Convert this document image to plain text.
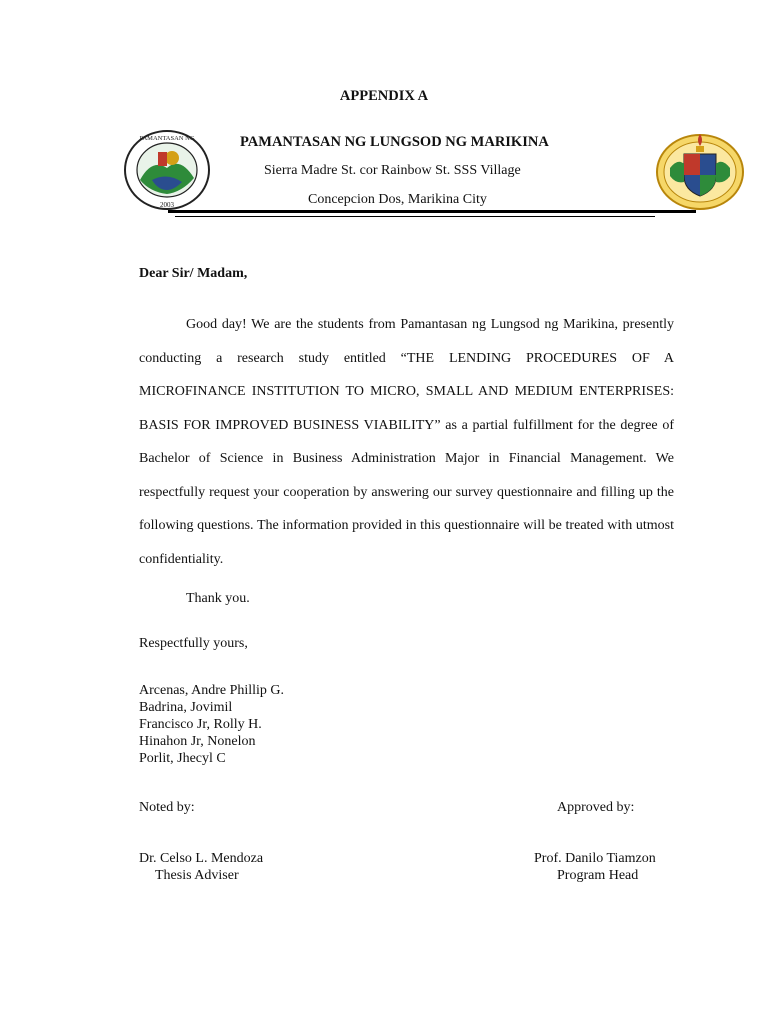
PAMANTASAN NG
2003
APPENDIX A
PAMANTASAN NG LUNGSOD NG MARIKINA
Sierra Madre St. cor Rainbow St. SSS Village
Concepcion Dos, Marikina City
Dear Sir/ Madam,
Good day! We are the students from Pamantasan ng Lungsod ng Marikina, presently conducting a research study entitled “THE LENDING PROCEDURES OF A MICROFINANCE INSTITUTION TO MICRO, SMALL AND MEDIUM ENTERPRISES: BASIS FOR IMPROVED BUSINESS VIABILITY” as a partial fulfillment for the degree of Bachelor of Science in Business Administration Major in Financial Management. We respectfully request your cooperation by answering our survey questionnaire and filling up the following questions. The information provided in this questionnaire will be treated with utmost confidentiality.
Thank you.
Respectfully yours,
Arcenas, Andre Phillip G.
Badrina, Jovimil
Francisco Jr, Rolly H.
Hinahon Jr, Nonelon
Porlit, Jhecyl C
Noted by:	Approved by:
Dr. Celso L. Mendoza
Thesis Adviser
Prof. Danilo Tiamzon
Program Head
